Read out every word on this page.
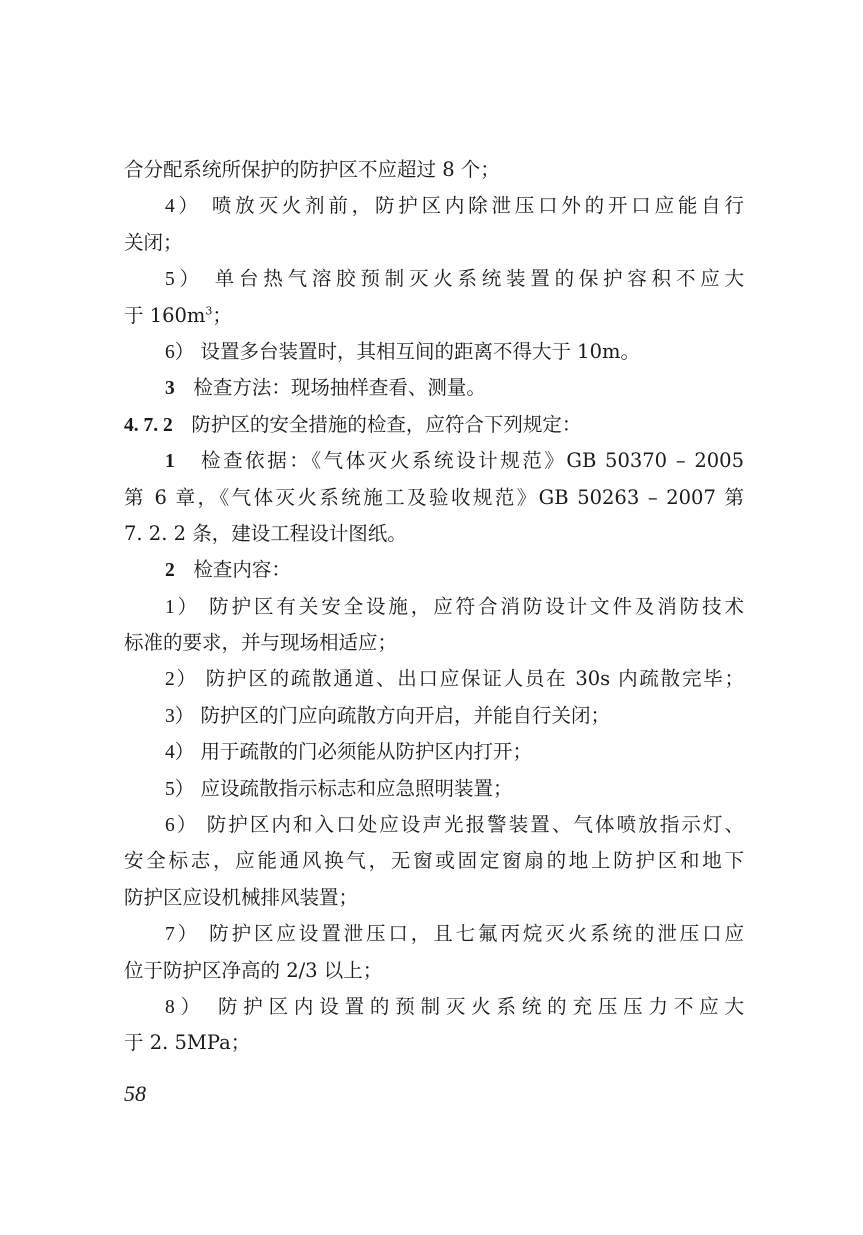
合分配系统所保护的防护区不应超过 8 个；
4） 喷放灭火剂前，防护区内除泄压口外的开口应能自行
关闭；
5） 单台热气溶胶预制灭火系统装置的保护容积不应大
于 $160m^3$；
6） 设置多台装置时，其相互间的距离不得大于 10m。
3 检查方法：现场抽样查看、测量。
4. 7. 2 防护区的安全措施的检查，应符合下列规定：
1 检查依据：《气体灭火系统设计规范》GB 50370 – 2005
第 6 章，《气体灭火系统施工及验收规范》GB 50263 – 2007 第
7. 2. 2 条，建设工程设计图纸。
2 检查内容：
1） 防护区有关安全设施，应符合消防设计文件及消防技术
标准的要求，并与现场相适应；
2） 防护区的疏散通道、出口应保证人员在 30s 内疏散完毕；
3） 防护区的门应向疏散方向开启，并能自行关闭；
4） 用于疏散的门必须能从防护区内打开；
5） 应设疏散指示标志和应急照明装置；
6） 防护区内和入口处应设声光报警装置、气体喷放指示灯、
安全标志，应能通风换气，无窗或固定窗扇的地上防护区和地下
防护区应设机械排风装置；
7） 防护区应设置泄压口，且七氟丙烷灭火系统的泄压口应
位于防护区净高的 2/3 以上；
8） 防护区内设置的预制灭火系统的充压压力不应大
于 2. 5MPa；
58
